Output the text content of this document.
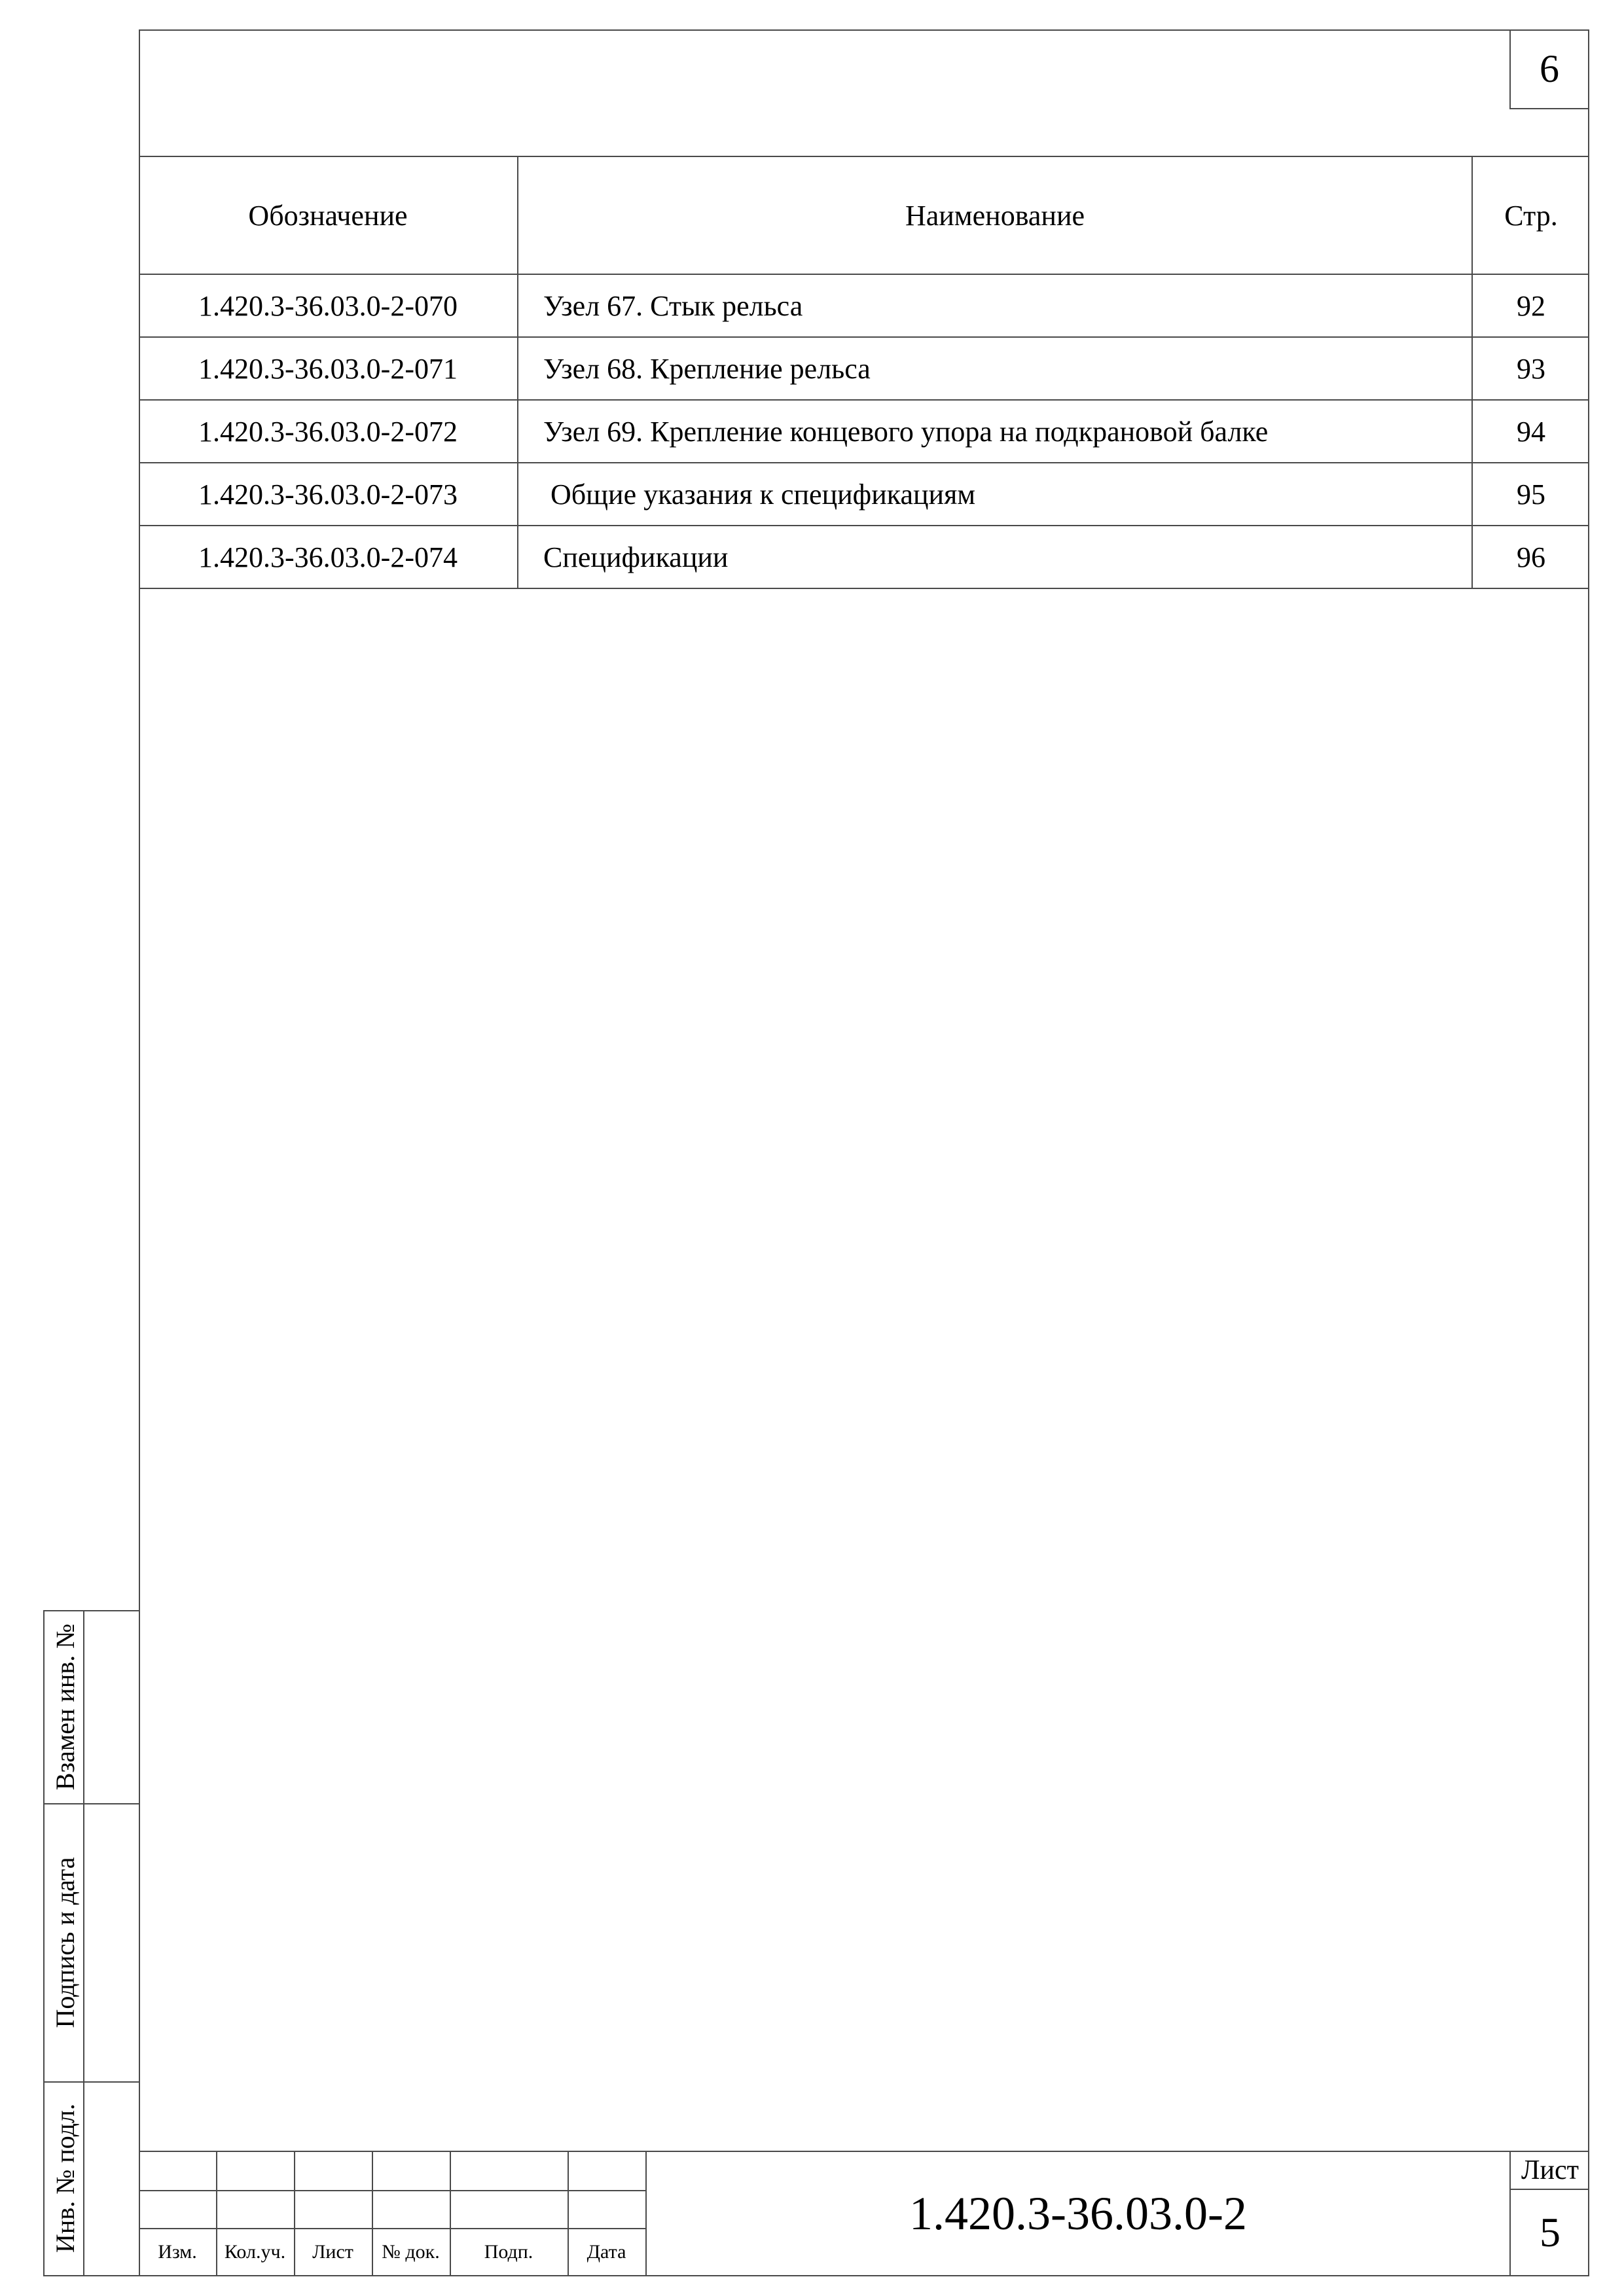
6
Обозначение	Наименование	Стр.
1.420.3-36.03.0-2-070	Узел 67. Стык рельса	92
1.420.3-36.03.0-2-071	Узел 68. Крепление рельса	93
1.420.3-36.03.0-2-072	Узел 69. Крепление концевого упора на подкрановой балке	94
1.420.3-36.03.0-2-073	Общие указания к спецификациям	95
1.420.3-36.03.0-2-074	Спецификации	96
Взамен инв. №
Подпись и дата
Инв. № подл.	Изм.	Кол.уч.	Лист	№ док.	Подп.	Дата
1.420.3-36.03.0-2
Лист
5
